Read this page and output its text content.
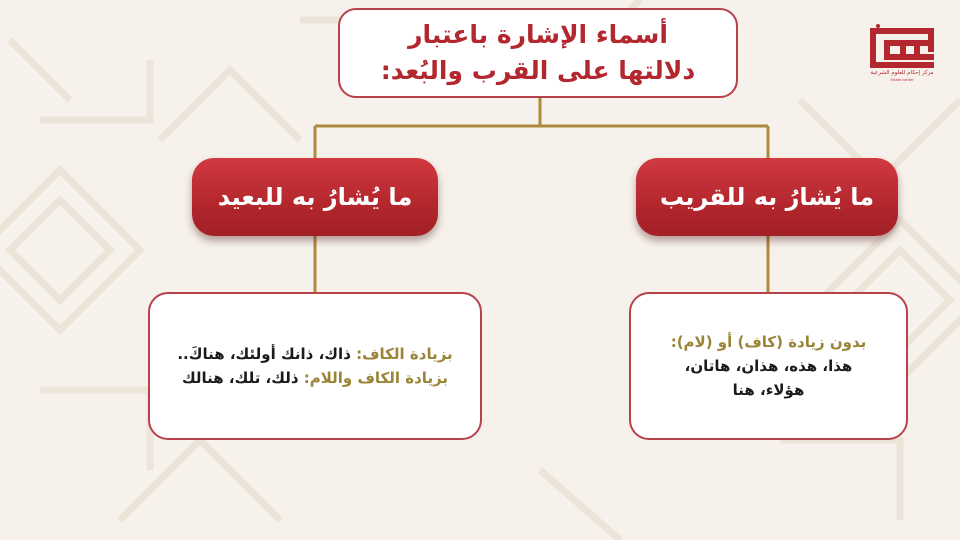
أسماء الإشارة باعتبار
دلالتها على القرب والبُعد:
ما يُشارُ به للبعيد	ما يُشارُ به للقريب
بزيادة الكاف: ذاك، ذانك أولئك، هناكَ..
بزيادة الكاف واللام: ذلك، تلك، هنالك
بدون زيادة (كاف) أو (لام):
هذا، هذه، هذان، هاتان،
هؤلاء، هنا
مركز إحكام للعلوم الشرعية
Ihkam center
